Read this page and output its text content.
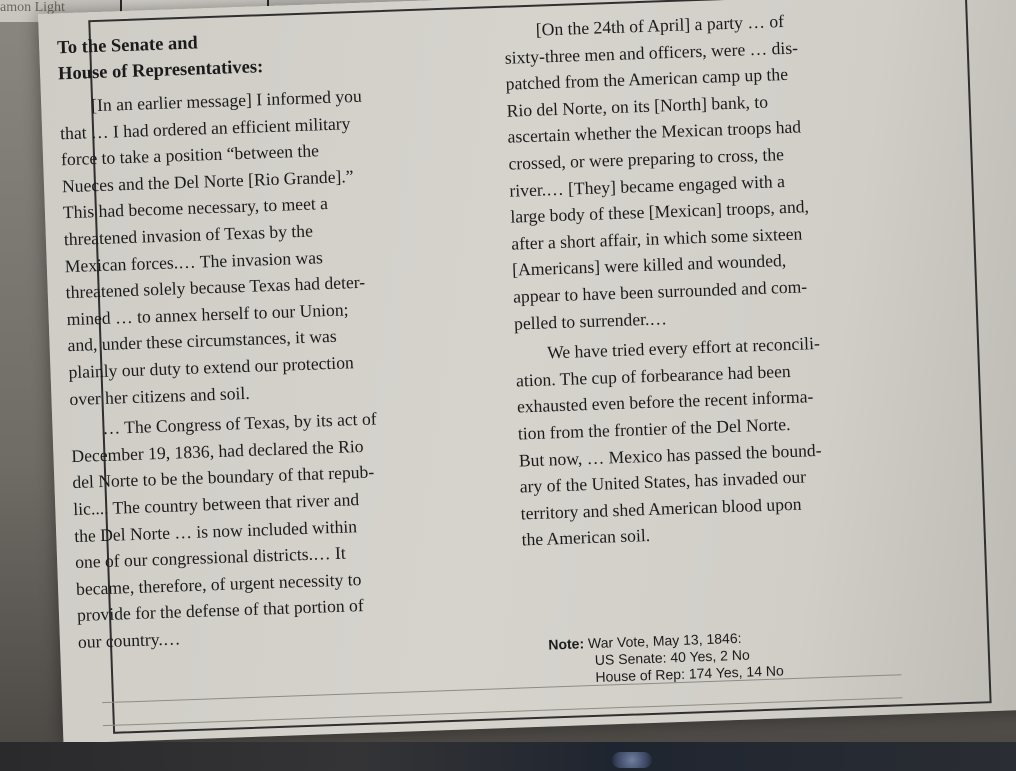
amon Light
To the Senate and
House of Representatives:

[In an earlier message] I informed you
that … I had ordered an efficient military
force to take a position “between the
Nueces and the Del Norte [Rio Grande].”
This had become necessary, to meet a
threatened invasion of Texas by the
Mexican forces.… The invasion was
threatened solely because Texas had deter-
mined … to annex herself to our Union;
and, under these circumstances, it was
plainly our duty to extend our protection
over her citizens and soil.

… The Congress of Texas, by its act of
December 19, 1836, had declared the Rio
del Norte to be the boundary of that repub-
lic.... The country between that river and
the Del Norte … is now included within
one of our congressional districts.… It
became, therefore, of urgent necessity to
provide for the defense of that portion of
our country.…

[On the 24th of April] a party … of
sixty-three men and officers, were … dis-
patched from the American camp up the
Rio del Norte, on its [North] bank, to
ascertain whether the Mexican troops had
crossed, or were preparing to cross, the
river.… [They] became engaged with a
large body of these [Mexican] troops, and,
after a short affair, in which some sixteen
[Americans] were killed and wounded,
appear to have been surrounded and com-
pelled to surrender.…

We have tried every effort at reconcili-
ation. The cup of forbearance had been
exhausted even before the recent informa-
tion from the frontier of the Del Norte.
But now, … Mexico has passed the bound-
ary of the United States, has invaded our
territory and shed American blood upon
the American soil.

Note: War Vote, May 13, 1846:
US Senate: 40 Yes, 2 No
House of Rep: 174 Yes, 14 No
